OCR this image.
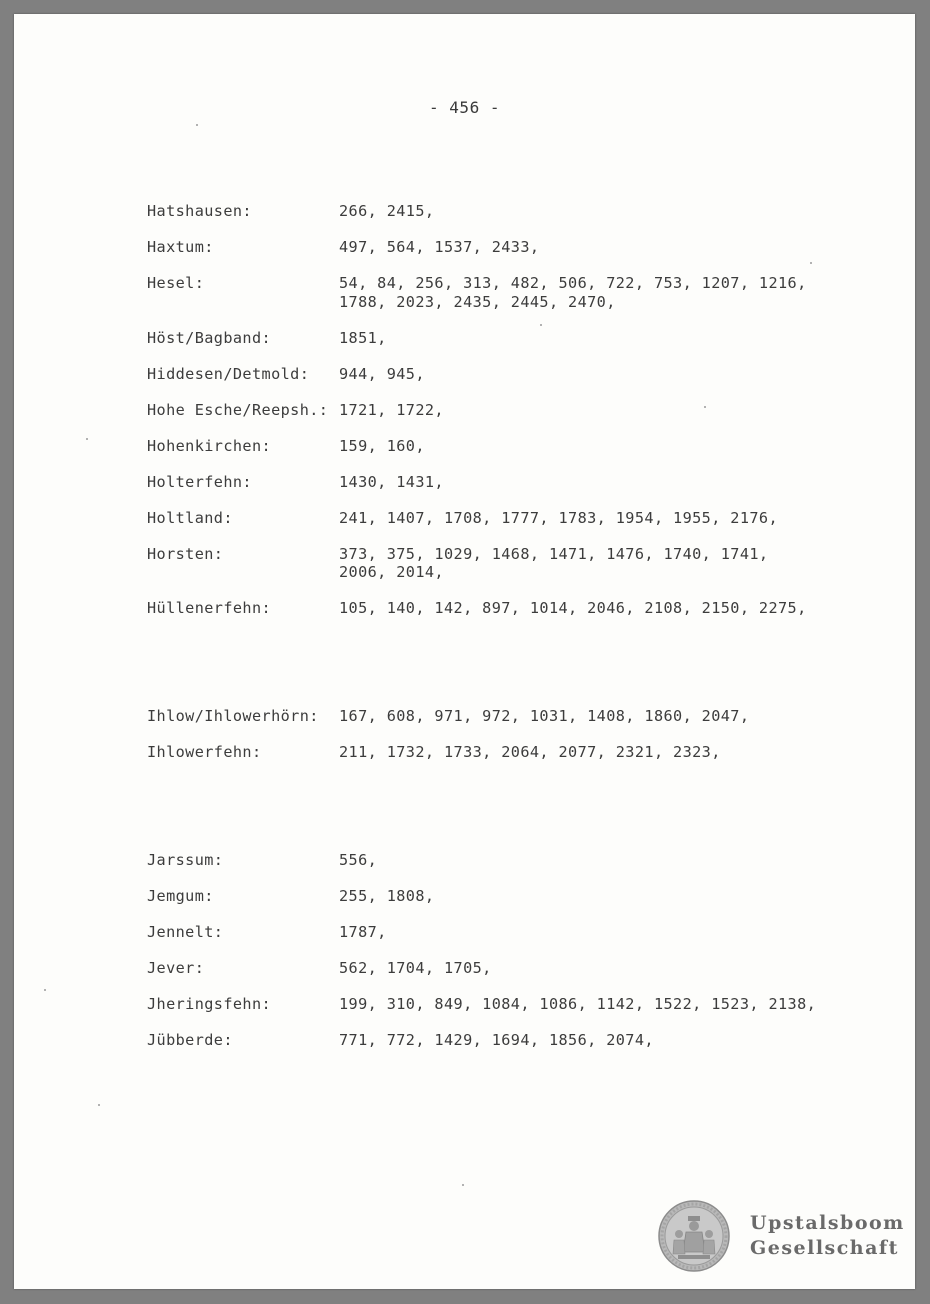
- 456 -
Hatshausen:	266, 2415,
Haxtum:	497, 564, 1537, 2433,
Hesel:	54, 84, 256, 313, 482, 506, 722, 753, 1207, 1216,
1788, 2023, 2435, 2445, 2470,
Höst/Bagband:	1851,
Hiddesen/Detmold:	944, 945,
Hohe Esche/Reepsh.: 1721, 1722,
Hohenkirchen:	159, 160,
Holterfehn:	1430, 1431,
Holtland:	241, 1407, 1708, 1777, 1783, 1954, 1955, 2176,
Horsten:	373, 375, 1029, 1468, 1471, 1476, 1740, 1741,
2006, 2014,
Hüllenerfehn:	105, 140, 142, 897, 1014, 2046, 2108, 2150, 2275,
Ihlow/Ihlowerhörn:	167, 608, 971, 972, 1031, 1408, 1860, 2047,
Ihlowerfehn:	211, 1732, 1733, 2064, 2077, 2321, 2323,
Jarssum:	556,
Jemgum:	255, 1808,
Jennelt:	1787,
Jever:	562, 1704, 1705,
Jheringsfehn:	199, 310, 849, 1084, 1086, 1142, 1522, 1523, 2138,
Jübberde:	771, 772, 1429, 1694, 1856, 2074,
Upstalsboom
Gesellschaft
